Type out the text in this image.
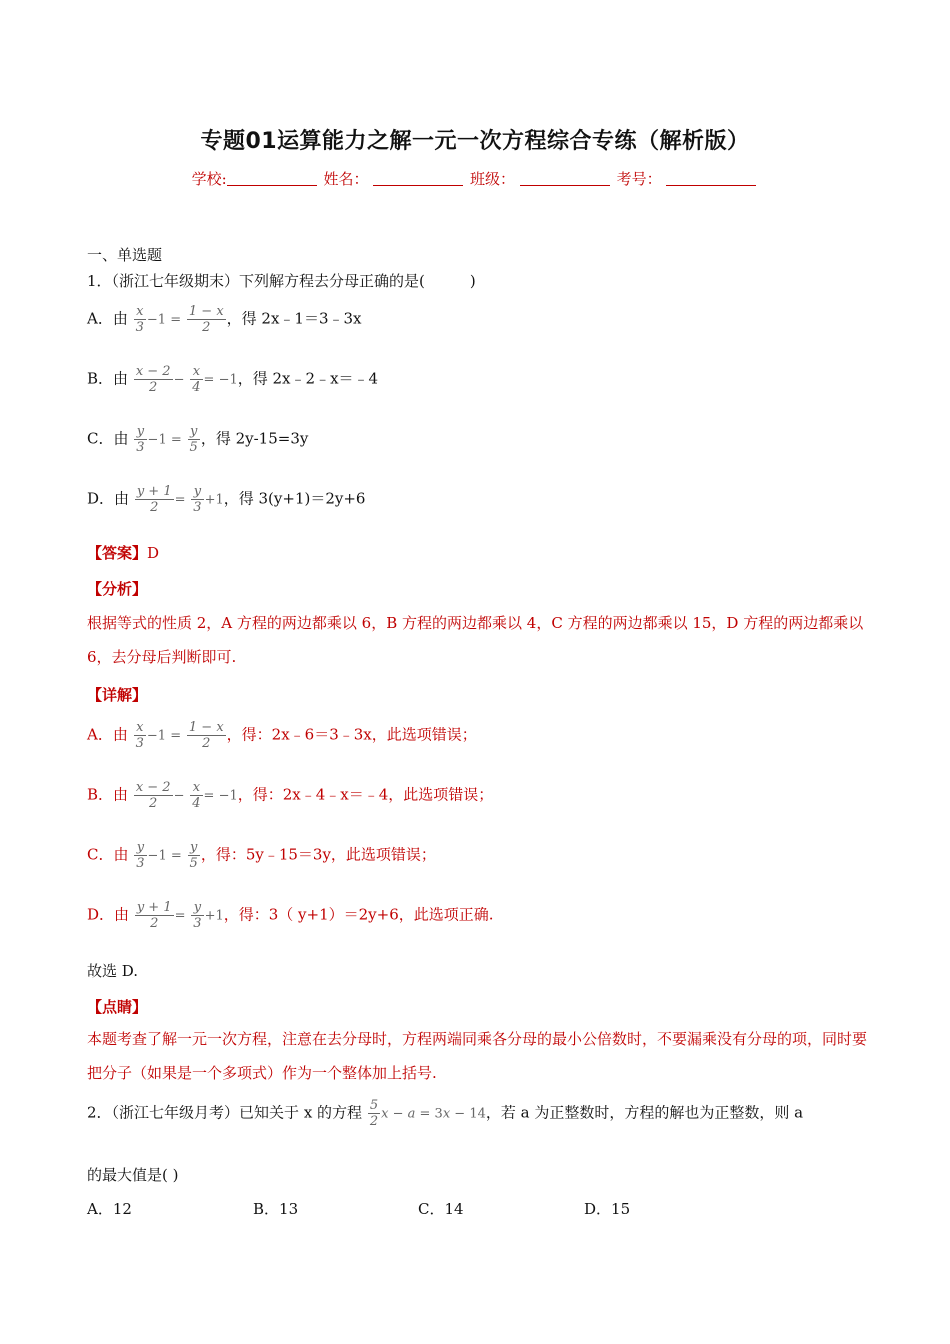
专题01运算能力之解一元一次方程综合专练（解析版）
学校:	姓名：	班级：	考号：
一、单选题
1．（浙江七年级期末）下列解方程去分母正确的是(　　　)
A．由 $\frac{x}{3} -1 = \frac{1 - x}{2}$ ，得 2x﹣1＝3﹣3x
B．由 $\frac{x - 2}{2} - \frac{x}{4} = -1$，得 2x﹣2﹣x＝﹣4
C．由 $\frac{y}{3} -1 = \frac{y}{5}$ ，得 2y-15=3y
D．由 $\frac{y + 1}{2} = \frac{y}{3} +1$，得 3(y+1)＝2y+6
【答案】D
【分析】
根据等式的性质 2，A 方程的两边都乘以 6，B 方程的两边都乘以 4，C 方程的两边都乘以 15，D 方程的两边都乘以 6，去分母后判断即可.
【详解】
A．由 $\frac{x}{3} -1 = \frac{1 - x}{2}$ ，得：2x﹣6＝3﹣3x，此选项错误；
B．由 $\frac{x - 2}{2} - \frac{x}{4} = -1$，得：2x﹣4﹣x＝﹣4，此选项错误；
C．由 $\frac{y}{3} -1 = \frac{y}{5}$ ，得：5y﹣15＝3y，此选项错误；
D．由 $\frac{y + 1}{2} = \frac{y}{3} +1$，得：3（ y+1）＝2y+6，此选项正确.
故选 D.
【点睛】
本题考查了解一元一次方程，注意在去分母时，方程两端同乘各分母的最小公倍数时，不要漏乘没有分母的项，同时要把分子（如果是一个多项式）作为一个整体加上括号.
2．（浙江七年级月考）已知关于 x 的方程 $\frac{5}{2}$ x − a = 3x − 14，若 a 为正整数时，方程的解也为正整数，则 a
的最大值是( )
A．12	B．13	C．14	D．15
